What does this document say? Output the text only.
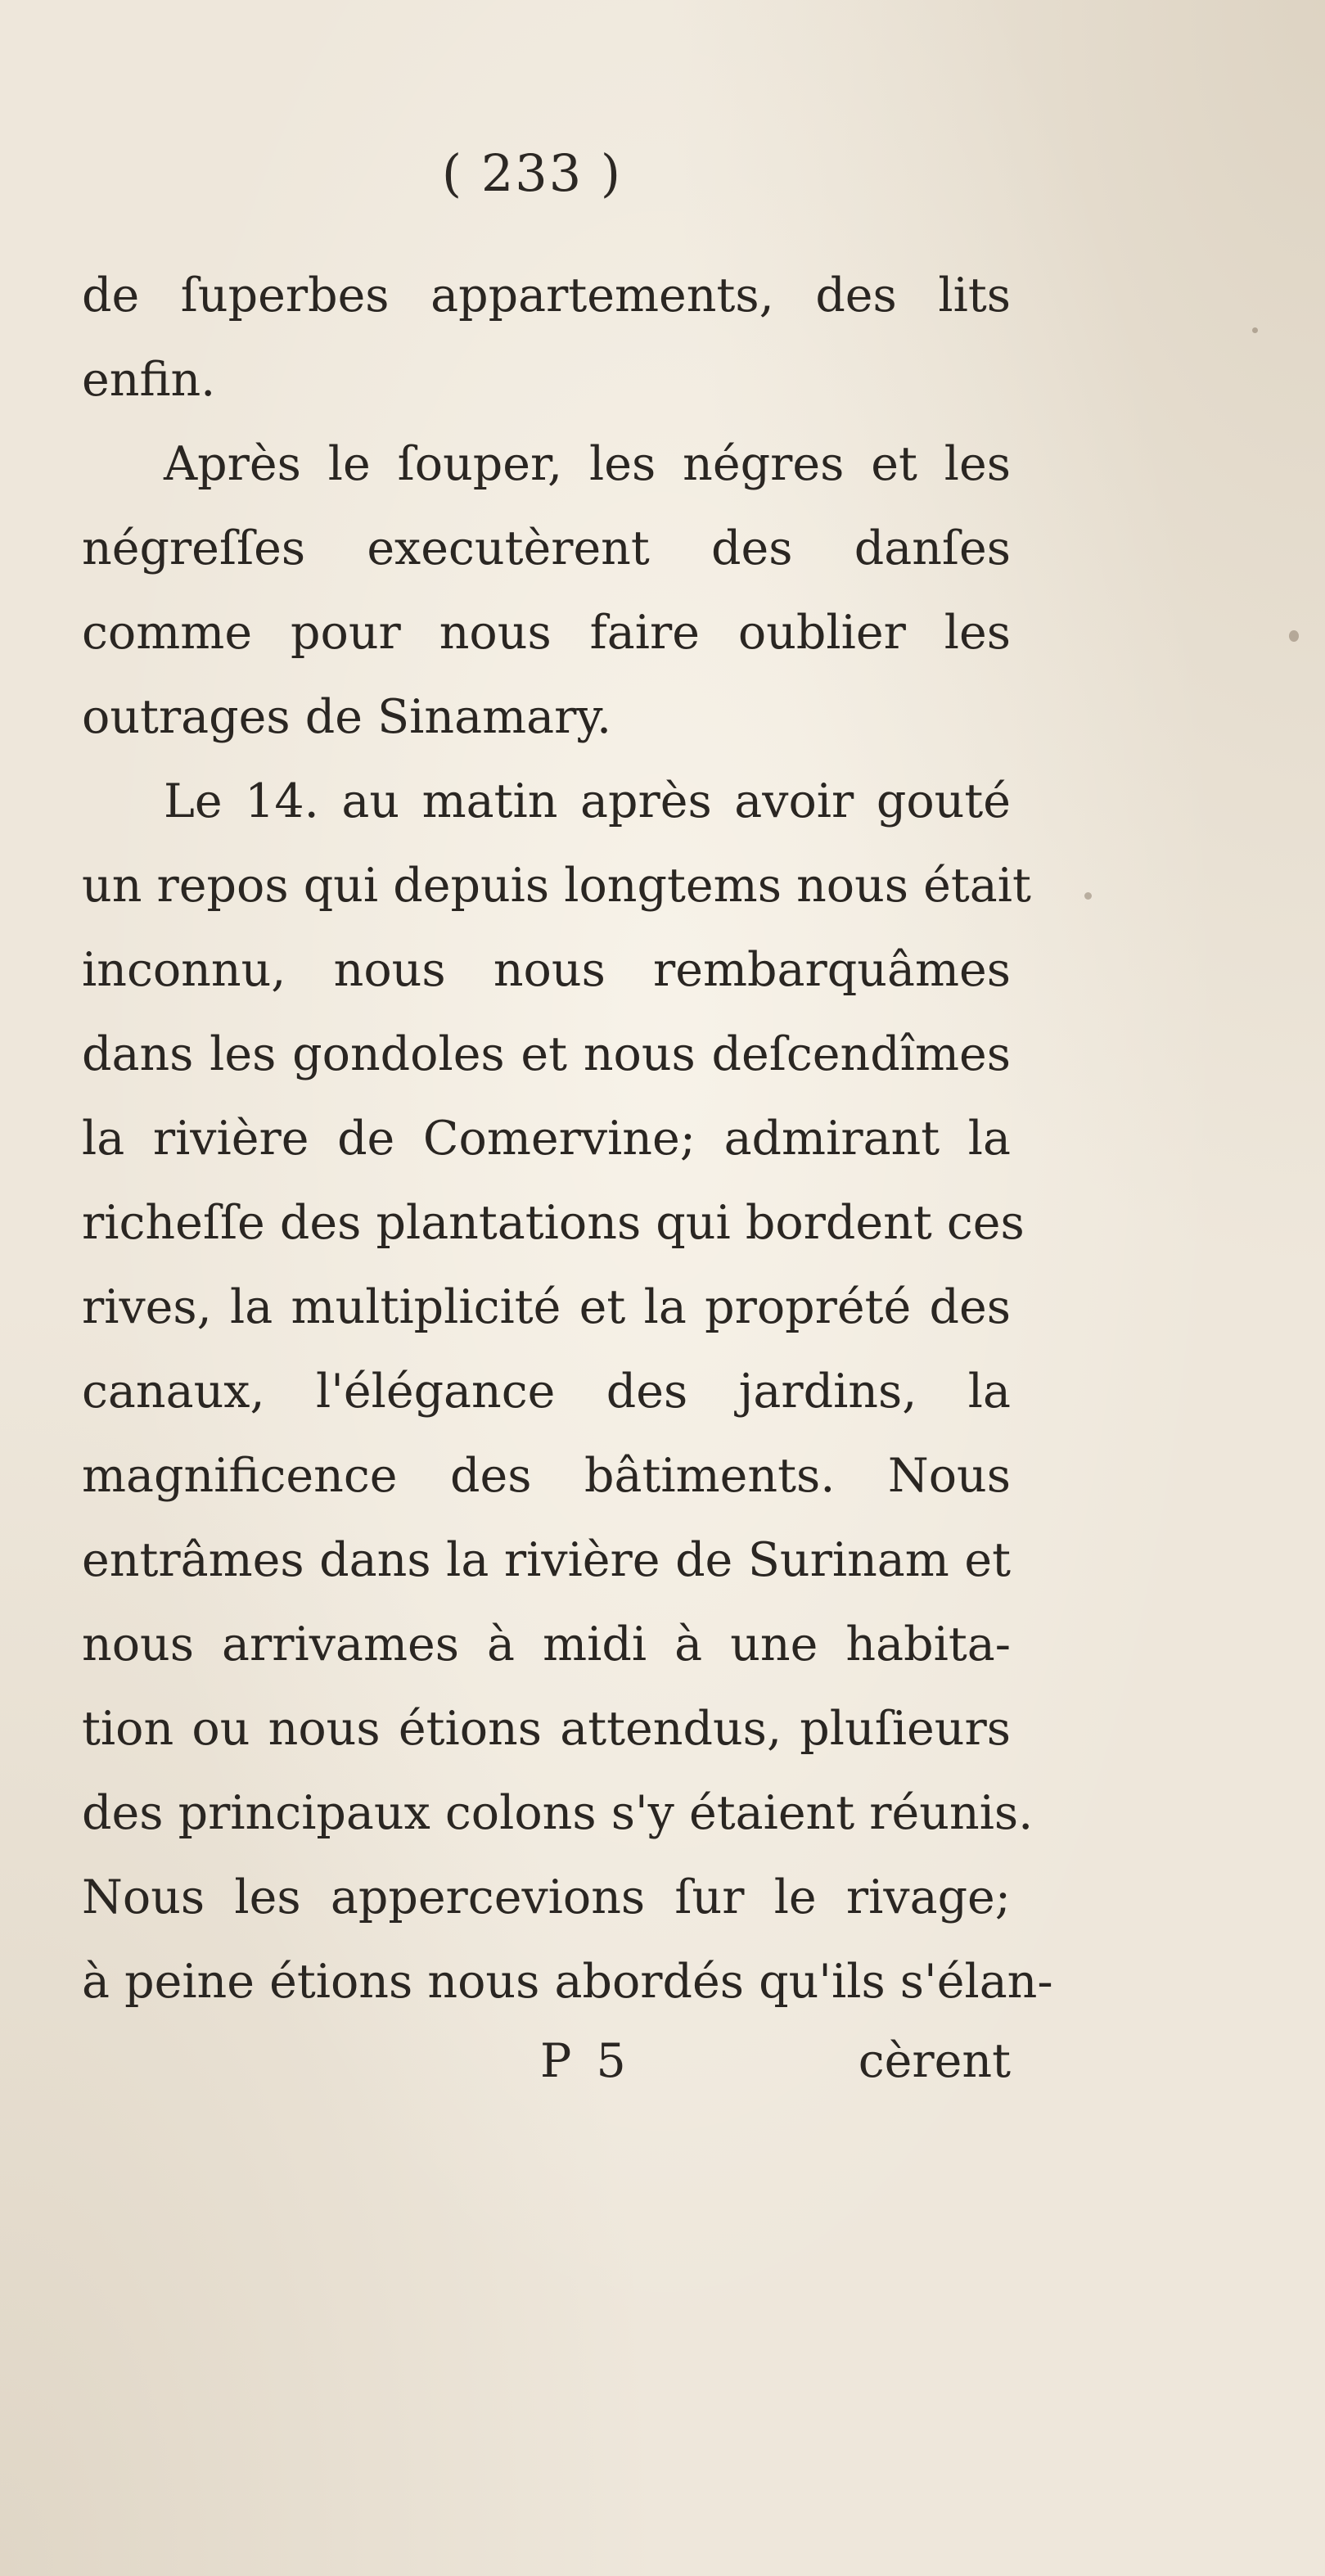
( 233 )
de ſuperbes appartements, des lits
enfin.
Après le ſouper, les négres et les
négreſſes executèrent des danſes
comme pour nous faire oublier les
outrages de Sinamary.
Le 14. au matin après avoir gouté
un repos qui depuis longtems nous était
inconnu, nous nous rembarquâmes
dans les gondoles et nous deſcendîmes
la rivière de Comervine; admirant la
richeſſe des plantations qui bordent ces
rives, la multiplicité et la proprété des
canaux, l'élégance des jardins, la
magnificence des bâtiments. Nous
entrâmes dans la rivière de Surinam et
nous arrivames à midi à une habita-
tion ou nous étions attendus, pluſieurs
des principaux colons s'y étaient réunis.
Nous les appercevions ſur le rivage;
à peine étions nous abordés qu'ils s'élan-
P 5	cèrent
